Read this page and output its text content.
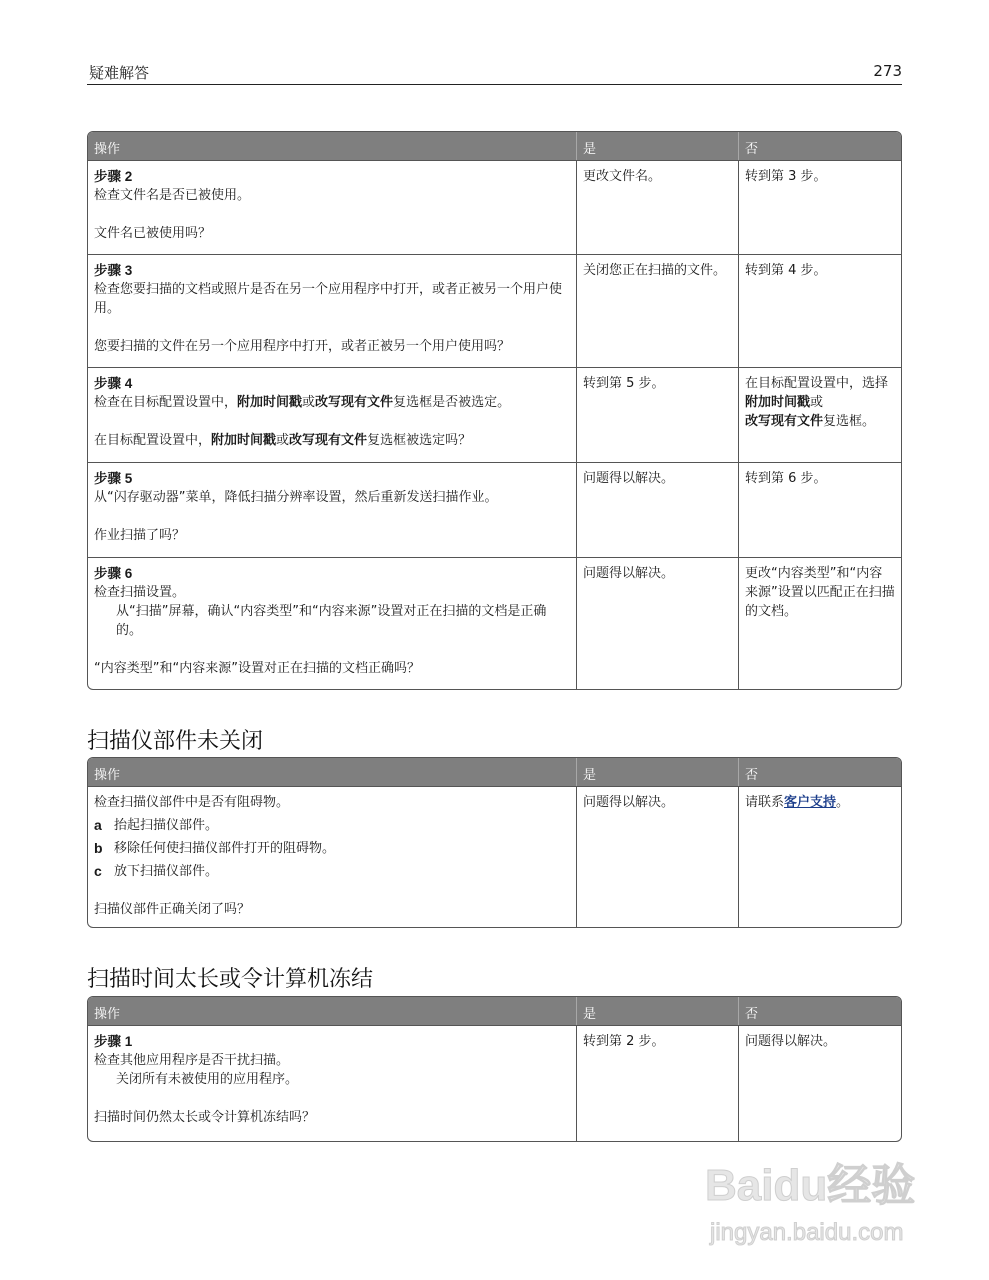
疑难解答	273
操作	是	否
步骤 2
检查文件名是否已被使用。
文件名已被使用吗？
更改文件名。	转到第 3 步。
步骤 3
检查您要扫描的文档或照片是否在另一个应用程序中打开，或者正被另一个用户使用。
您要扫描的文件在另一个应用程序中打开，或者正被另一个用户使用吗？
关闭您正在扫描的文件。	转到第 4 步。
步骤 4
检查在目标配置设置中，附加时间戳或改写现有文件复选框是否被选定。
在目标配置设置中，附加时间戳或改写现有文件复选框被选定吗？
转到第 5 步。	在目标配置设置中，选择附加时间戳或
改写现有文件复选框。
步骤 5
从“闪存驱动器”菜单，降低扫描分辨率设置，然后重新发送扫描作业。
作业扫描了吗？
问题得以解决。	转到第 6 步。
步骤 6
检查扫描设置。
从“扫描”屏幕，确认“内容类型”和“内容来源”设置对正在扫描的文档是正确的。
“内容类型”和“内容来源”设置对正在扫描的文档正确吗？
问题得以解决。	更改“内容类型”和“内容来源”设置以匹配正在扫描的文档。
扫描仪部件未关闭
操作	是	否
检查扫描仪部件中是否有阻碍物。
a 抬起扫描仪部件。
b 移除任何使扫描仪部件打开的阻碍物。
c 放下扫描仪部件。
扫描仪部件正确关闭了吗？
问题得以解决。	请联系客户支持。
扫描时间太长或令计算机冻结
操作	是	否
步骤 1
检查其他应用程序是否干扰扫描。
关闭所有未被使用的应用程序。
扫描时间仍然太长或令计算机冻结吗？
转到第 2 步。	问题得以解决。
Baidu经验
jingyan.baidu.com
